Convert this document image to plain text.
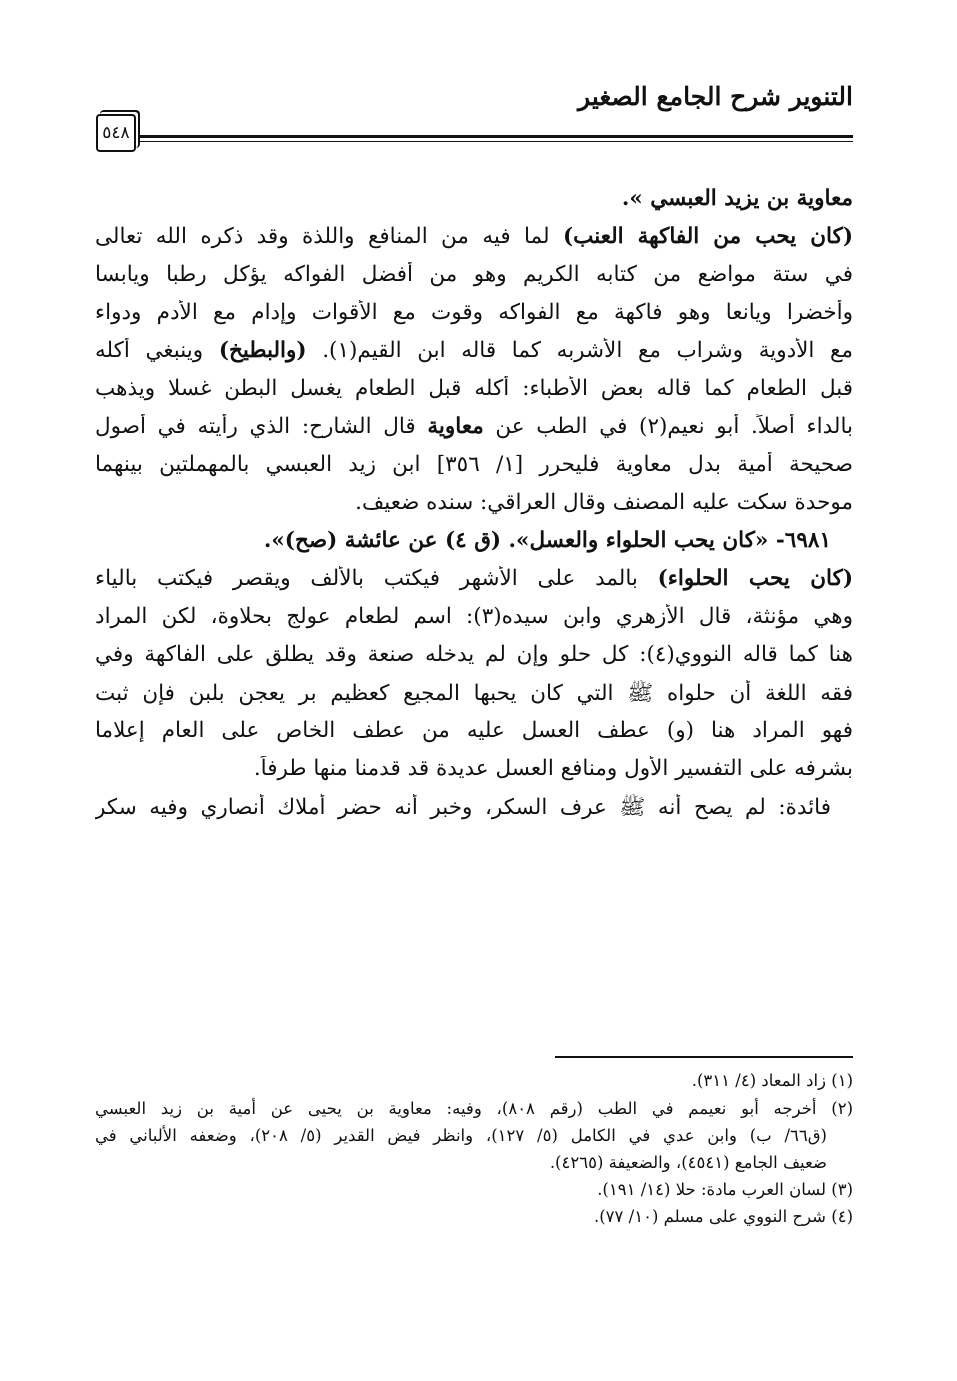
التنوير شرح الجامع الصغير
٥٤٨
معاوية بن يزيد العبسي ».
(كان يحب من الفاكهة العنب) لما فيه من المنافع واللذة وقد ذكره الله تعالى
في ستة مواضع من كتابه الكريم وهو من أفضل الفواكه يؤكل رطبا ويابسا
وأخضرا ويانعا وهو فاكهة مع الفواكه وقوت مع الأقوات وإدام مع الأدم ودواء
مع الأدوية وشراب مع الأشربه كما قاله ابن القيم(١). (والبطيخ) وينبغي أكله
قبل الطعام كما قاله بعض الأطباء: أكله قبل الطعام يغسل البطن غسلا ويذهب
بالداء أصلاً. أبو نعيم(٢) في الطب عن معاوية قال الشارح: الذي رأيته في أصول
صحيحة أمية بدل معاوية فليحرر [١/ ٣٥٦] ابن زيد العبسي بالمهملتين بينهما
موحدة سكت عليه المصنف وقال العراقي: سنده ضعيف.
٦٩٨١- «كان يحب الحلواء والعسل». (ق ٤) عن عائشة (صح)».
(كان يحب الحلواء) بالمد على الأشهر فيكتب بالألف ويقصر فيكتب بالياء
وهي مؤنثة، قال الأزهري وابن سيده(٣): اسم لطعام عولج بحلاوة، لكن المراد
هنا كما قاله النووي(٤): كل حلو وإن لم يدخله صنعة وقد يطلق على الفاكهة وفي
فقه اللغة أن حلواه ﷺ التي كان يحبها المجيع كعظيم بر يعجن بلبن فإن ثبت
فهو المراد هنا (و) عطف العسل عليه من عطف الخاص على العام إعلاما
بشرفه على التفسير الأول ومنافع العسل عديدة قد قدمنا منها طرفاً.
فائدة: لم يصح أنه ﷺ عرف السكر، وخبر أنه حضر أملاك أنصاري وفيه سكر
(١) زاد المعاد (٤/ ٣١١).
(٢) أخرجه أبو نعيمم في الطب (رقم ٨٠٨)، وفيه: معاوية بن يحيى عن أمية بن زيد العبسي
(ق٦٦/ ب) وابن عدي في الكامل (٥/ ١٢٧)، وانظر فيض القدير (٥/ ٢٠٨)، وضعفه الألباني في
ضعيف الجامع (٤٥٤١)، والضعيفة (٤٢٦٥).
(٣) لسان العرب مادة: حلا (١٤/ ١٩١).
(٤) شرح النووي على مسلم (١٠/ ٧٧).
